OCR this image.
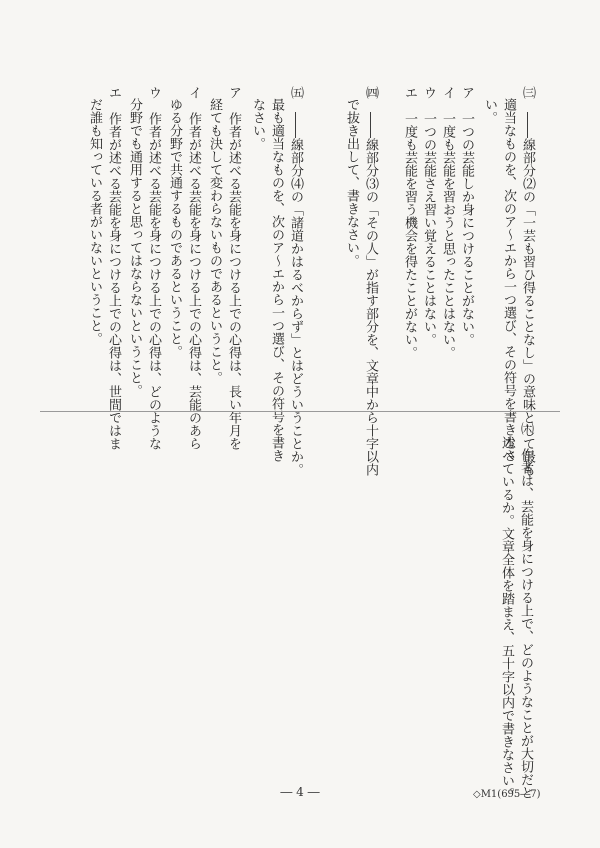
㈢　――線部分⑵の「一芸も習ひ得ることなし」の意味として最も
適当なものを、次のア～エから一つ選び、その符号を書きなさ
い。
ア　一つの芸能しか身につけることがない。
イ　一度も芸能を習おうと思ったことはない。
ウ　一つの芸能さえ習い覚えることはない。
エ　一度も芸能を習う機会を得たことがない。
㈣　――線部分⑶の「その人」が指す部分を、文章中から十字以内
で抜き出して、書きなさい。
㈤　――線部分⑷の「諸道かはるべからず」とはどういうことか。
最も適当なものを、次のア～エから一つ選び、その符号を書き
なさい。
ア　作者が述べる芸能を身につける上での心得は、長い年月を
経ても決して変わらないものであるということ。
イ　作者が述べる芸能を身につける上での心得は、芸能のあら
ゆる分野で共通するものであるということ。
ウ　作者が述べる芸能を身につける上での心得は、どのような
分野でも通用すると思ってはならないということ。
エ　作者が述べる芸能を身につける上での心得は、世間ではま
だ誰も知っている者がいないということ。
㈥　作者は、芸能を身につける上で、どのようなことが大切だと
述べているか。文章全体を踏まえ、五十字以内で書きなさい。
― 4 ―	◇M1(695―7)
